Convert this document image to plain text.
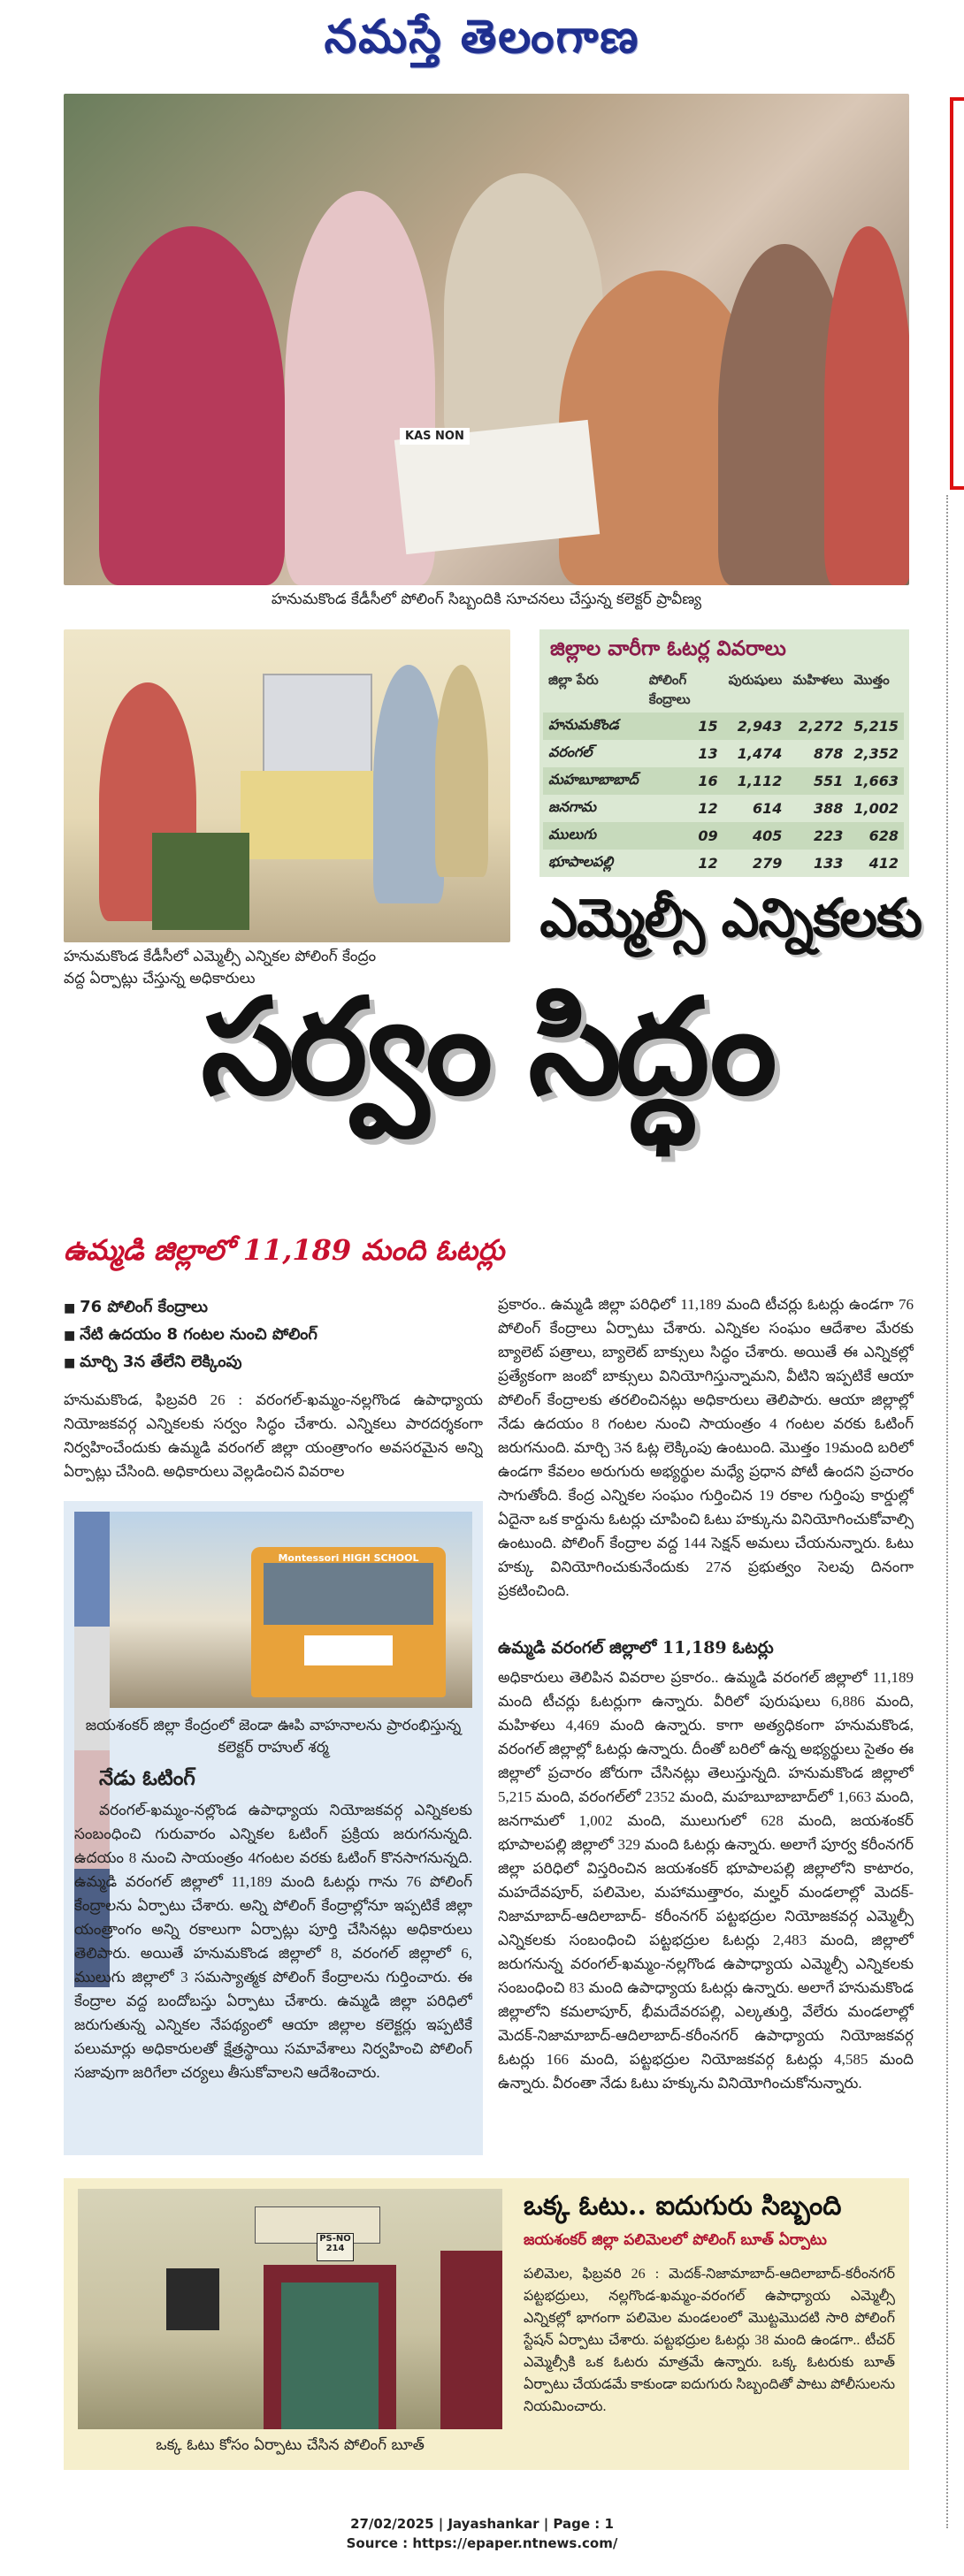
నమస్తే తెలంగాణ
KAS NON
హనుమకొండ కేడీసీలో పోలింగ్ సిబ్బందికి సూచనలు చేస్తున్న కలెక్టర్ ప్రావీణ్య
హనుమకొండ కేడీసీలో ఎమ్మెల్సీ ఎన్నికల పోలింగ్ కేంద్రం వద్ద ఏర్పాట్లు చేస్తున్న అధికారులు
జిల్లాల వారీగా ఓటర్ల వివరాలు
జిల్లా పేరు	పోలింగ్ కేంద్రాలు	పురుషులు	మహిళలు	మొత్తం
హనుమకొండ	15	2,943	2,272	5,215
వరంగల్	13	1,474	878	2,352
మహబూబాబాద్	16	1,112	551	1,663
జనగామ	12	614	388	1,002
ములుగు	09	405	223	628
భూపాలపల్లి	12	279	133	412
ఎమ్మెల్సీ ఎన్నికలకు
సర్వం సిద్ధం
ఉమ్మడి జిల్లాలో 11,189 మంది ఓటర్లు
■ 76 పోలింగ్ కేంద్రాలు
■ నేటి ఉదయం 8 గంటల నుంచి పోలింగ్
■ మార్చి 3న తేలేని లెక్కింపు
హనుమకొండ, ఫిబ్రవరి 26 : వరంగల్-ఖమ్మం-నల్లగొండ ఉపాధ్యాయ నియోజకవర్గ ఎన్నికలకు సర్వం సిద్ధం చేశారు. ఎన్నికలు పారదర్శకంగా నిర్వహించేందుకు ఉమ్మడి వరంగల్ జిల్లా యంత్రాంగం అవసరమైన అన్ని ఏర్పాట్లు చేసింది. అధికారులు వెల్లడించిన వివరాల
ప్రకారం.. ఉమ్మడి జిల్లా పరిధిలో 11,189 మంది టీచర్లు ఓటర్లు ఉండగా 76 పోలింగ్ కేంద్రాలు ఏర్పాటు చేశారు. ఎన్నికల సంఘం ఆదేశాల మేరకు బ్యాలెట్ పత్రాలు, బ్యాలెట్ బాక్సులు సిద్ధం చేశారు. అయితే ఈ ఎన్నికల్లో ప్రత్యేకంగా జంబో బాక్సులు వినియోగిస్తున్నామని, వీటిని ఇప్పటికే ఆయా పోలింగ్ కేంద్రాలకు తరలించినట్లు అధికారులు తెలిపారు. ఆయా జిల్లాల్లో నేడు ఉదయం 8 గంటల నుంచి సాయంత్రం 4 గంటల వరకు ఓటింగ్ జరుగనుంది. మార్చి 3న ఓట్ల లెక్కింపు ఉంటుంది. మొత్తం 19మంది బరిలో ఉండగా కేవలం అరుగురు అభ్యర్థుల మధ్యే ప్రధాన పోటీ ఉందని ప్రచారం సాగుతోంది. కేంద్ర ఎన్నికల సంఘం గుర్తించిన 19 రకాల గుర్తింపు కార్డుల్లో ఏదైనా ఒక కార్డును ఓటర్లు చూపించి ఓటు హక్కును వినియోగించుకోవాల్సి ఉంటుంది. పోలింగ్ కేంద్రాల వద్ద 144 సెక్షన్ అమలు చేయనున్నారు. ఓటు హక్కు వినియోగించుకునేందుకు 27న ప్రభుత్వం సెలవు దినంగా ప్రకటించింది.
ఉమ్మడి వరంగల్ జిల్లాలో 11,189 ఓటర్లు
అధికారులు తెలిపిన వివరాల ప్రకారం.. ఉమ్మడి వరంగల్ జిల్లాలో 11,189 మంది టీచర్లు ఓటర్లుగా ఉన్నారు. వీరిలో పురుషులు 6,886 మంది, మహిళలు 4,469 మంది ఉన్నారు. కాగా అత్యధికంగా హనుమకొండ, వరంగల్ జిల్లాల్లో ఓటర్లు ఉన్నారు. దీంతో బరిలో ఉన్న అభ్యర్థులు సైతం ఈ జిల్లాలో ప్రచారం జోరుగా చేసినట్లు తెలుస్తున్నది. హనుమకొండ జిల్లాలో 5,215 మంది, వరంగల్‌లో 2352 మంది, మహబూబాబాద్‌లో 1,663 మంది, జనగామలో 1,002 మంది, ములుగులో 628 మంది, జయశంకర్ భూపాలపల్లి జిల్లాలో 329 మంది ఓటర్లు ఉన్నారు. అలాగే పూర్వ కరీంనగర్ జిల్లా పరిధిలో విస్తరించిన జయశంకర్ భూపాలపల్లి జిల్లాలోని కాటారం, మహదేవపూర్, పలిమెల, మహాముత్తారం, మల్హర్ మండలాల్లో మెదక్-నిజామాబాద్-ఆదిలాబాద్- కరీంనగర్ పట్టభద్రుల నియోజకవర్గ ఎమ్మెల్సీ ఎన్నికలకు సంబంధించి పట్టభద్రుల ఓటర్లు 2,483 మంది, జిల్లాలో జరుగనున్న వరంగల్-ఖమ్మం-నల్లగొండ ఉపాధ్యాయ ఎమ్మెల్సీ ఎన్నికలకు సంబంధించి 83 మంది ఉపాధ్యాయ ఓటర్లు ఉన్నారు. అలాగే హనుమకొండ జిల్లాలోని కమలాపూర్, భీమదేవరపల్లి, ఎల్కతుర్తి, వేలేరు మండలాల్లో మెదక్-నిజామాబాద్-ఆదిలాబాద్-కరీంనగర్ ఉపాధ్యాయ నియోజకవర్గ ఓటర్లు 166 మంది, పట్టభద్రుల నియోజకవర్గ ఓటర్లు 4,585 మంది ఉన్నారు. వీరంతా నేడు ఓటు హక్కును వినియోగించుకోనున్నారు.
Montessori HIGH SCHOOL
జయశంకర్ జిల్లా కేంద్రంలో జెండా ఊపి వాహనాలను ప్రారంభిస్తున్న కలెక్టర్ రాహుల్ శర్మ
నేడు ఓటింగ్
వరంగల్-ఖమ్మం-నల్లొండ ఉపాధ్యాయ నియోజకవర్గ ఎన్నికలకు సంబంధించి గురువారం ఎన్నికల ఓటింగ్ ప్రక్రియ జరుగనున్నది. ఉదయం 8 నుంచి సాయంత్రం 4గంటల వరకు ఓటింగ్ కొనసాగనున్నది. ఉమ్మడి వరంగల్ జిల్లాలో 11,189 మంది ఓటర్లు గాను 76 పోలింగ్ కేంద్రాలను ఏర్పాటు చేశారు. అన్ని పోలింగ్ కేంద్రాల్లోనూ ఇప్పటికే జిల్లా యంత్రాంగం అన్ని రకాలుగా ఏర్పాట్లు పూర్తి చేసినట్లు అధికారులు తెలిపారు. అయితే హనుమకొండ జిల్లాలో 8, వరంగల్ జిల్లాలో 6, ములుగు జిల్లాలో 3 సమస్యాత్మక పోలింగ్ కేంద్రాలను గుర్తించారు. ఈ కేంద్రాల వద్ద బందోబస్తు ఏర్పాటు చేశారు. ఉమ్మడి జిల్లా పరిధిలో జరుగుతున్న ఎన్నికల నేపథ్యంలో ఆయా జిల్లాల కలెక్టర్లు ఇప్పటికే పలుమార్లు అధికారులతో క్షేత్రస్థాయి సమావేశాలు నిర్వహించి పోలింగ్ సజావుగా జరిగేలా చర్యలు తీసుకోవాలని ఆదేశించారు.
PS-NO 214
ఒక్క ఓటు కోసం ఏర్పాటు చేసిన పోలింగ్ బూత్
ఒక్క ఓటు.. ఐదుగురు సిబ్బంది
జయశంకర్ జిల్లా పలిమెలలో పోలింగ్ బూత్ ఏర్పాటు
పలిమెల, ఫిబ్రవరి 26 : మెదక్-నిజామాబాద్-ఆదిలాబాద్-కరీంనగర్ పట్టభద్రులు, నల్లగొండ-ఖమ్మం-వరంగల్ ఉపాధ్యాయ ఎమ్మెల్సీ ఎన్నికల్లో భాగంగా పలిమెల మండలంలో మొట్టమొదటి సారి పోలింగ్ స్టేషన్ ఏర్పాటు చేశారు. పట్టభద్రుల ఓటర్లు 38 మంది ఉండగా.. టీచర్ ఎమ్మెల్సీకి ఒక ఓటరు మాత్రమే ఉన్నారు. ఒక్క ఓటరుకు బూత్ ఏర్పాటు చేయడమే కాకుండా ఐదుగురు సిబ్బందితో పాటు పోలీసులను నియమించారు.
27/02/2025 | Jayashankar | Page : 1
Source : https://epaper.ntnews.com/
